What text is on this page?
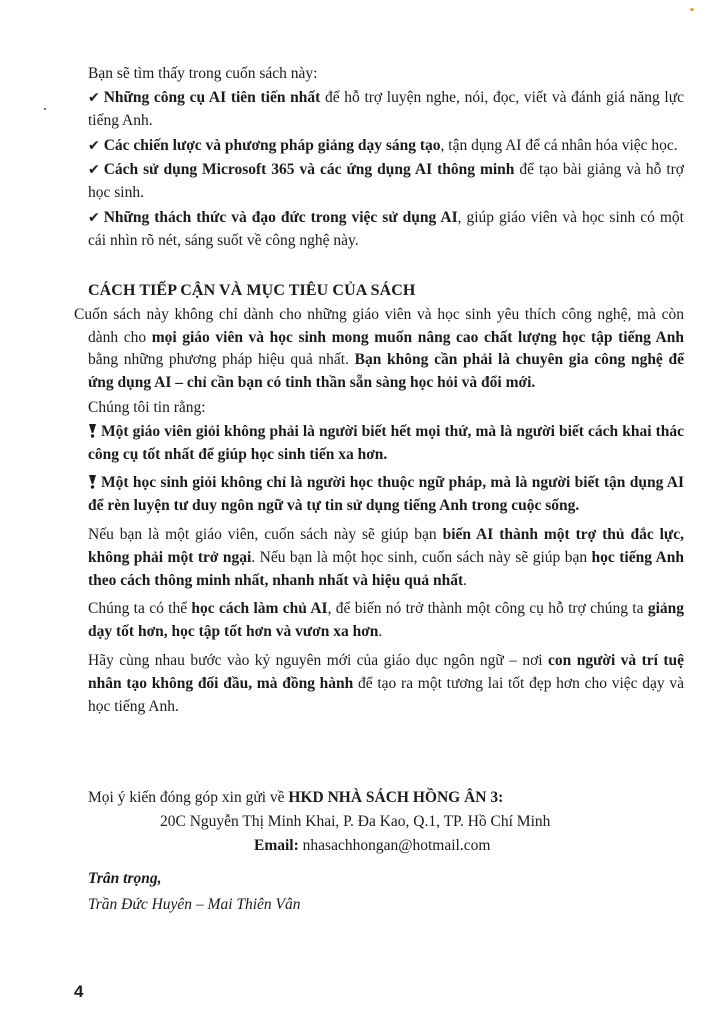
Bạn sẽ tìm thấy trong cuốn sách này:

✔ Những công cụ AI tiên tiến nhất để hỗ trợ luyện nghe, nói, đọc, viết và đánh giá năng lực tiếng Anh.

✔ Các chiến lược và phương pháp giảng dạy sáng tạo, tận dụng AI để cá nhân hóa việc học.

✔ Cách sử dụng Microsoft 365 và các ứng dụng AI thông minh để tạo bài giảng và hỗ trợ học sinh.

✔ Những thách thức và đạo đức trong việc sử dụng AI, giúp giáo viên và học sinh có một cái nhìn rõ nét, sáng suốt về công nghệ này.

CÁCH TIẾP CẬN VÀ MỤC TIÊU CỦA SÁCH

Cuốn sách này không chỉ dành cho những giáo viên và học sinh yêu thích công nghệ, mà còn dành cho mọi giáo viên và học sinh mong muốn nâng cao chất lượng học tập tiếng Anh bằng những phương pháp hiệu quả nhất. Bạn không cần phải là chuyên gia công nghệ để ứng dụng AI – chỉ cần bạn có tinh thần sẵn sàng học hỏi và đổi mới.

Chúng tôi tin rằng:

Một giáo viên giỏi không phải là người biết hết mọi thứ, mà là người biết cách khai thác công cụ tốt nhất để giúp học sinh tiến xa hơn.

Một học sinh giỏi không chỉ là người học thuộc ngữ pháp, mà là người biết tận dụng AI để rèn luyện tư duy ngôn ngữ và tự tin sử dụng tiếng Anh trong cuộc sống.

Nếu bạn là một giáo viên, cuốn sách này sẽ giúp bạn biến AI thành một trợ thủ đắc lực, không phải một trở ngại. Nếu bạn là một học sinh, cuốn sách này sẽ giúp bạn học tiếng Anh theo cách thông minh nhất, nhanh nhất và hiệu quả nhất.

Chúng ta có thể học cách làm chủ AI, để biến nó trở thành một công cụ hỗ trợ chúng ta giảng dạy tốt hơn, học tập tốt hơn và vươn xa hơn.

Hãy cùng nhau bước vào kỷ nguyên mới của giáo dục ngôn ngữ – nơi con người và trí tuệ nhân tạo không đối đầu, mà đồng hành để tạo ra một tương lai tốt đẹp hơn cho việc dạy và học tiếng Anh.

Mọi ý kiến đóng góp xin gửi về HKD NHÀ SÁCH HỒNG ÂN 3:
20C Nguyễn Thị Minh Khai, P. Đa Kao, Q.1, TP. Hồ Chí Minh
Email: nhasachhongan@hotmail.com
Trân trọng,
Trần Đức Huyên – Mai Thiên Vân
4
